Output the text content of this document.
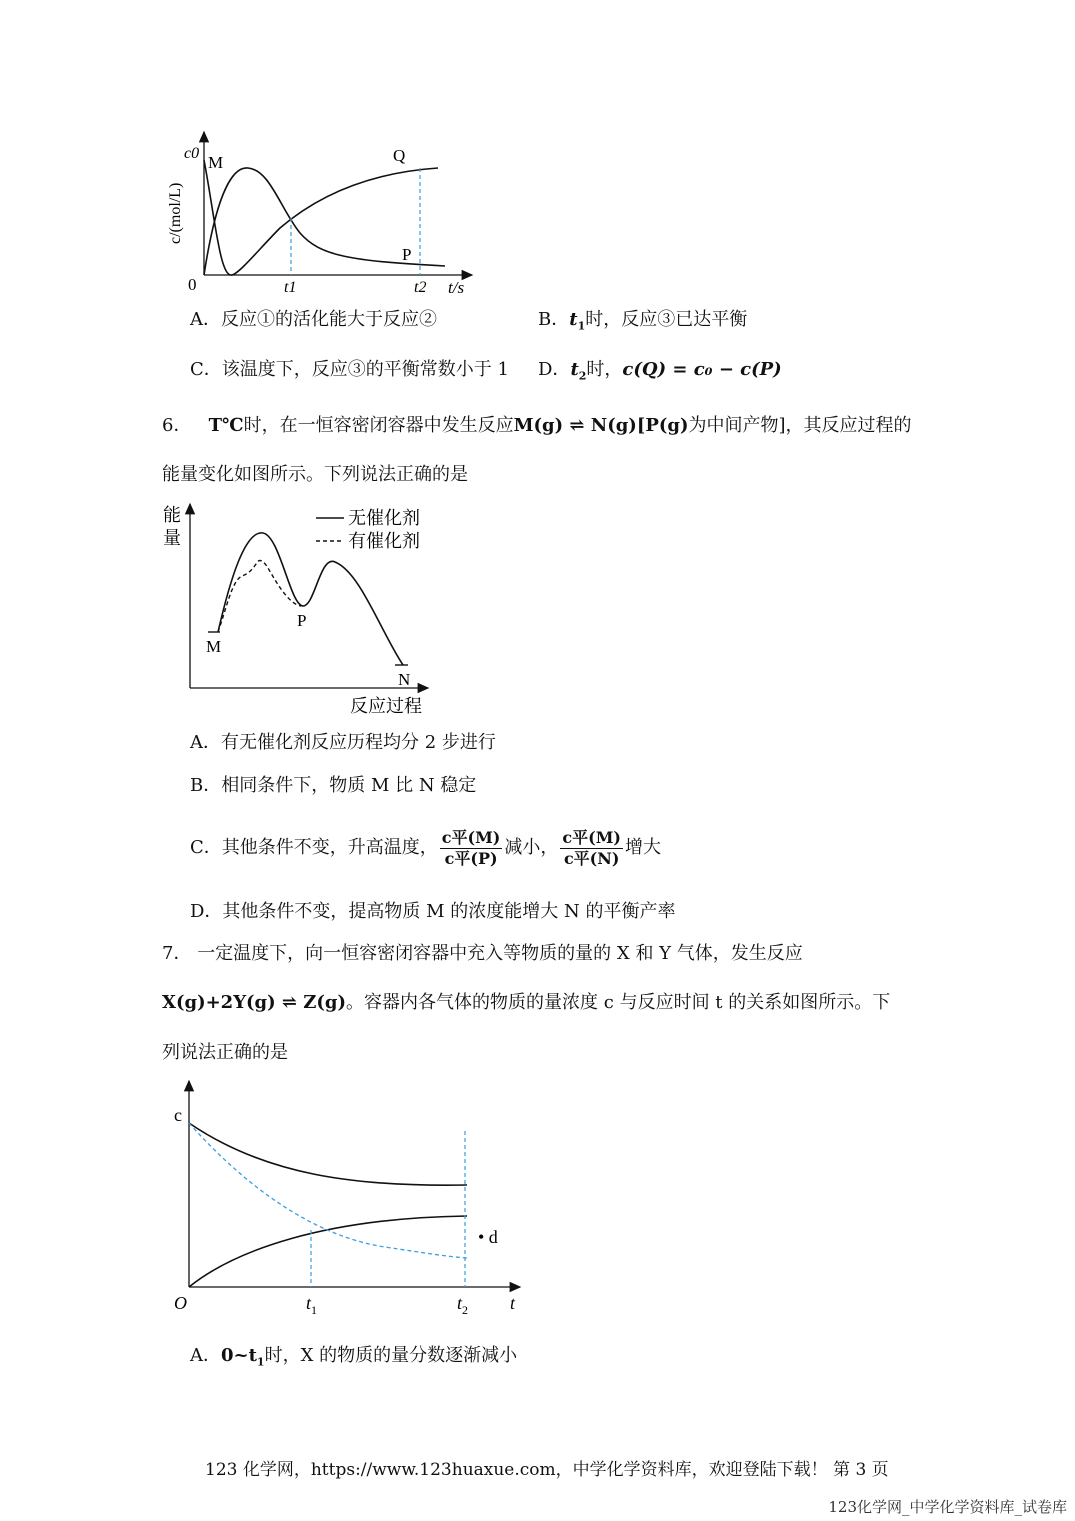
c0 M	Q
P
0	t1	t2 t/s
c/(mol/L)
A．反应①的活化能大于反应②	B．$t_1$时，反应③已达平衡
C．该温度下，反应③的平衡常数小于 1 D．$t_2$时，c(Q) = c₀ − c(P)
6． T℃时，在一恒容密闭容器中发生反应M(g) ⇌ N(g)[P(g)为中间产物]，其反应过程的
能量变化如图所示。下列说法正确的是
无催化剂
有催化剂
能
量
M
P
N
反应过程
A．有无催化剂反应历程均分 2 步进行
B．相同条件下，物质 M 比 N 稳定
C．其他条件不变，升高温度， $\frac{\text{c平(M)}}{\text{c平(P)}}$ 减小， $\frac{\text{c平(M)}}{\text{c平(N)}}$ 增大
D．其他条件不变，提高物质 M 的浓度能增大 N 的平衡产率
7． 一定温度下，向一恒容密闭容器中充入等物质的量的 X 和 Y 气体，发生反应
X(g)+2Y(g) ⇌ Z(g)。容器内各气体的物质的量浓度 c 与反应时间 t 的关系如图所示。下
列说法正确的是
c
O	$t_1$	$t_2$ t
• d
A．$0\sim t_1$时，X 的物质的量分数逐渐减小
123 化学网，https://www.123huaxue.com，中学化学资料库，欢迎登陆下载！ 第 3 页
123化学网_中学化学资料库_试卷库
